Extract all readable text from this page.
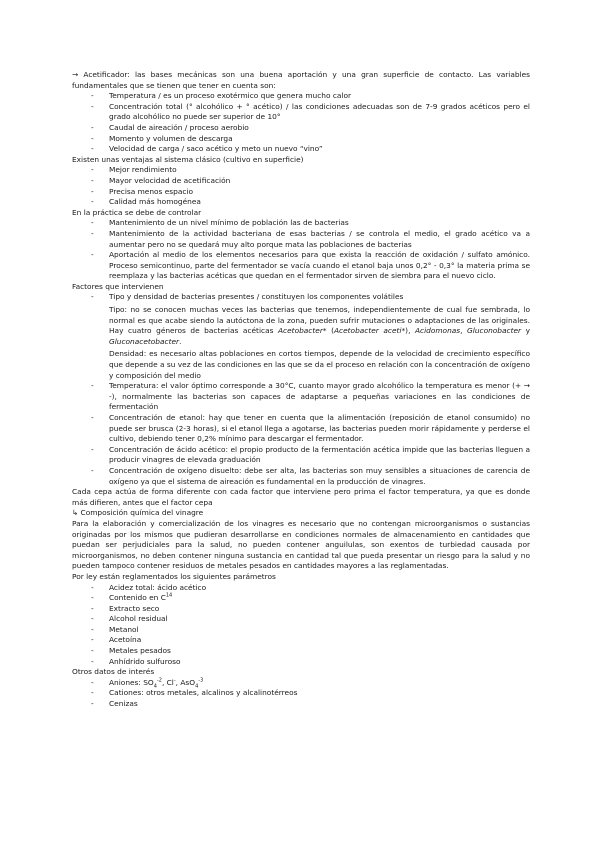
→ Acetificador: las bases mecánicas son una buena aportación y una gran superficie de contacto. Las variables fundamentales que se tienen que tener en cuenta son:

- Temperatura / es un proceso exotérmico que genera mucho calor

- Concentración total (° alcohólico + ° acético) / las condiciones adecuadas son de 7-9 grados acéticos pero el grado alcohólico no puede ser superior de 10°

- Caudal de aireación / proceso aerobio

- Momento y volumen de descarga

- Velocidad de carga / saco acético y meto un nuevo “vino”

Existen unas ventajas al sistema clásico (cultivo en superficie)

- Mejor rendimiento

- Mayor velocidad de acetificación

- Precisa menos espacio

- Calidad más homogénea

En la práctica se debe de controlar

- Mantenimiento de un nivel mínimo de población las de bacterias

- Mantenimiento de la actividad bacteriana de esas bacterias / se controla el medio, el grado acético va a aumentar pero no se quedará muy alto porque mata las poblaciones de bacterias

- Aportación al medio de los elementos necesarios para que exista la reacción de oxidación / sulfato amónico. Proceso semicontinuo, parte del fermentador se vacía cuando el etanol baja unos 0,2° - 0,3° la materia prima se reemplaza y las bacterias acéticas que quedan en el fermentador sirven de siembra para el nuevo ciclo.

Factores que intervienen

- Tipo y densidad de bacterias presentes / constituyen los componentes volátiles

Tipo: no se conocen muchas veces las bacterias que tenemos, independientemente de cual fue sembrada, lo normal es que acabe siendo la autóctona de la zona, pueden sufrir mutaciones o adaptaciones de las originales. Hay cuatro géneros de bacterias acéticas Acetobacter* (Acetobacter aceti*), Acidomonas, Gluconobacter y Gluconacetobacter.

Densidad: es necesario altas poblaciones en cortos tiempos, depende de la velocidad de crecimiento específico que depende a su vez de las condiciones en las que se da el proceso en relación con la concentración de oxígeno y composición del medio

- Temperatura: el valor óptimo corresponde a 30°C, cuanto mayor grado alcohólico la temperatura es menor (+ → -), normalmente las bacterias son capaces de adaptarse a pequeñas variaciones en las condiciones de fermentación

- Concentración de etanol: hay que tener en cuenta que la alimentación (reposición de etanol consumido) no puede ser brusca (2-3 horas), si el etanol llega a agotarse, las bacterias pueden morir rápidamente y perderse el cultivo, debiendo tener 0,2% mínimo para descargar el fermentador.

- Concentración de ácido acético: el propio producto de la fermentación acética impide que las bacterias lleguen a producir vinagres de elevada graduación

- Concentración de oxígeno disuelto: debe ser alta, las bacterias son muy sensibles a situaciones de carencia de oxígeno ya que el sistema de aireación es fundamental en la producción de vinagres.

Cada cepa actúa de forma diferente con cada factor que interviene pero prima el factor temperatura, ya que es donde más difieren, antes que el factor cepa

↳ Composición química del vinagre

Para la elaboración y comercialización de los vinagres es necesario que no contengan microorganismos o sustancias originadas por los mismos que pudieran desarrollarse en condiciones normales de almacenamiento en cantidades que puedan ser perjudiciales para la salud, no pueden contener anguilulas, son exentos de turbiedad causada por microorganismos, no deben contener ninguna sustancia en cantidad tal que pueda presentar un riesgo para la salud y no pueden tampoco contener residuos de metales pesados en cantidades mayores a las reglamentadas.

Por ley están reglamentados los siguientes parámetros

- Acidez total: ácido acético

- Contenido en $C^{14}$

- Extracto seco

- Alcohol residual

- Metanol

- Acetoína

- Metales pesados

- Anhídrido sulfuroso

Otros datos de interés

- Aniones: $SO_4^{-2}$, Cl-, AsO$_4^{-3}$

- Cationes: otros metales, alcalinos y alcalinotérreos

- Cenizas
